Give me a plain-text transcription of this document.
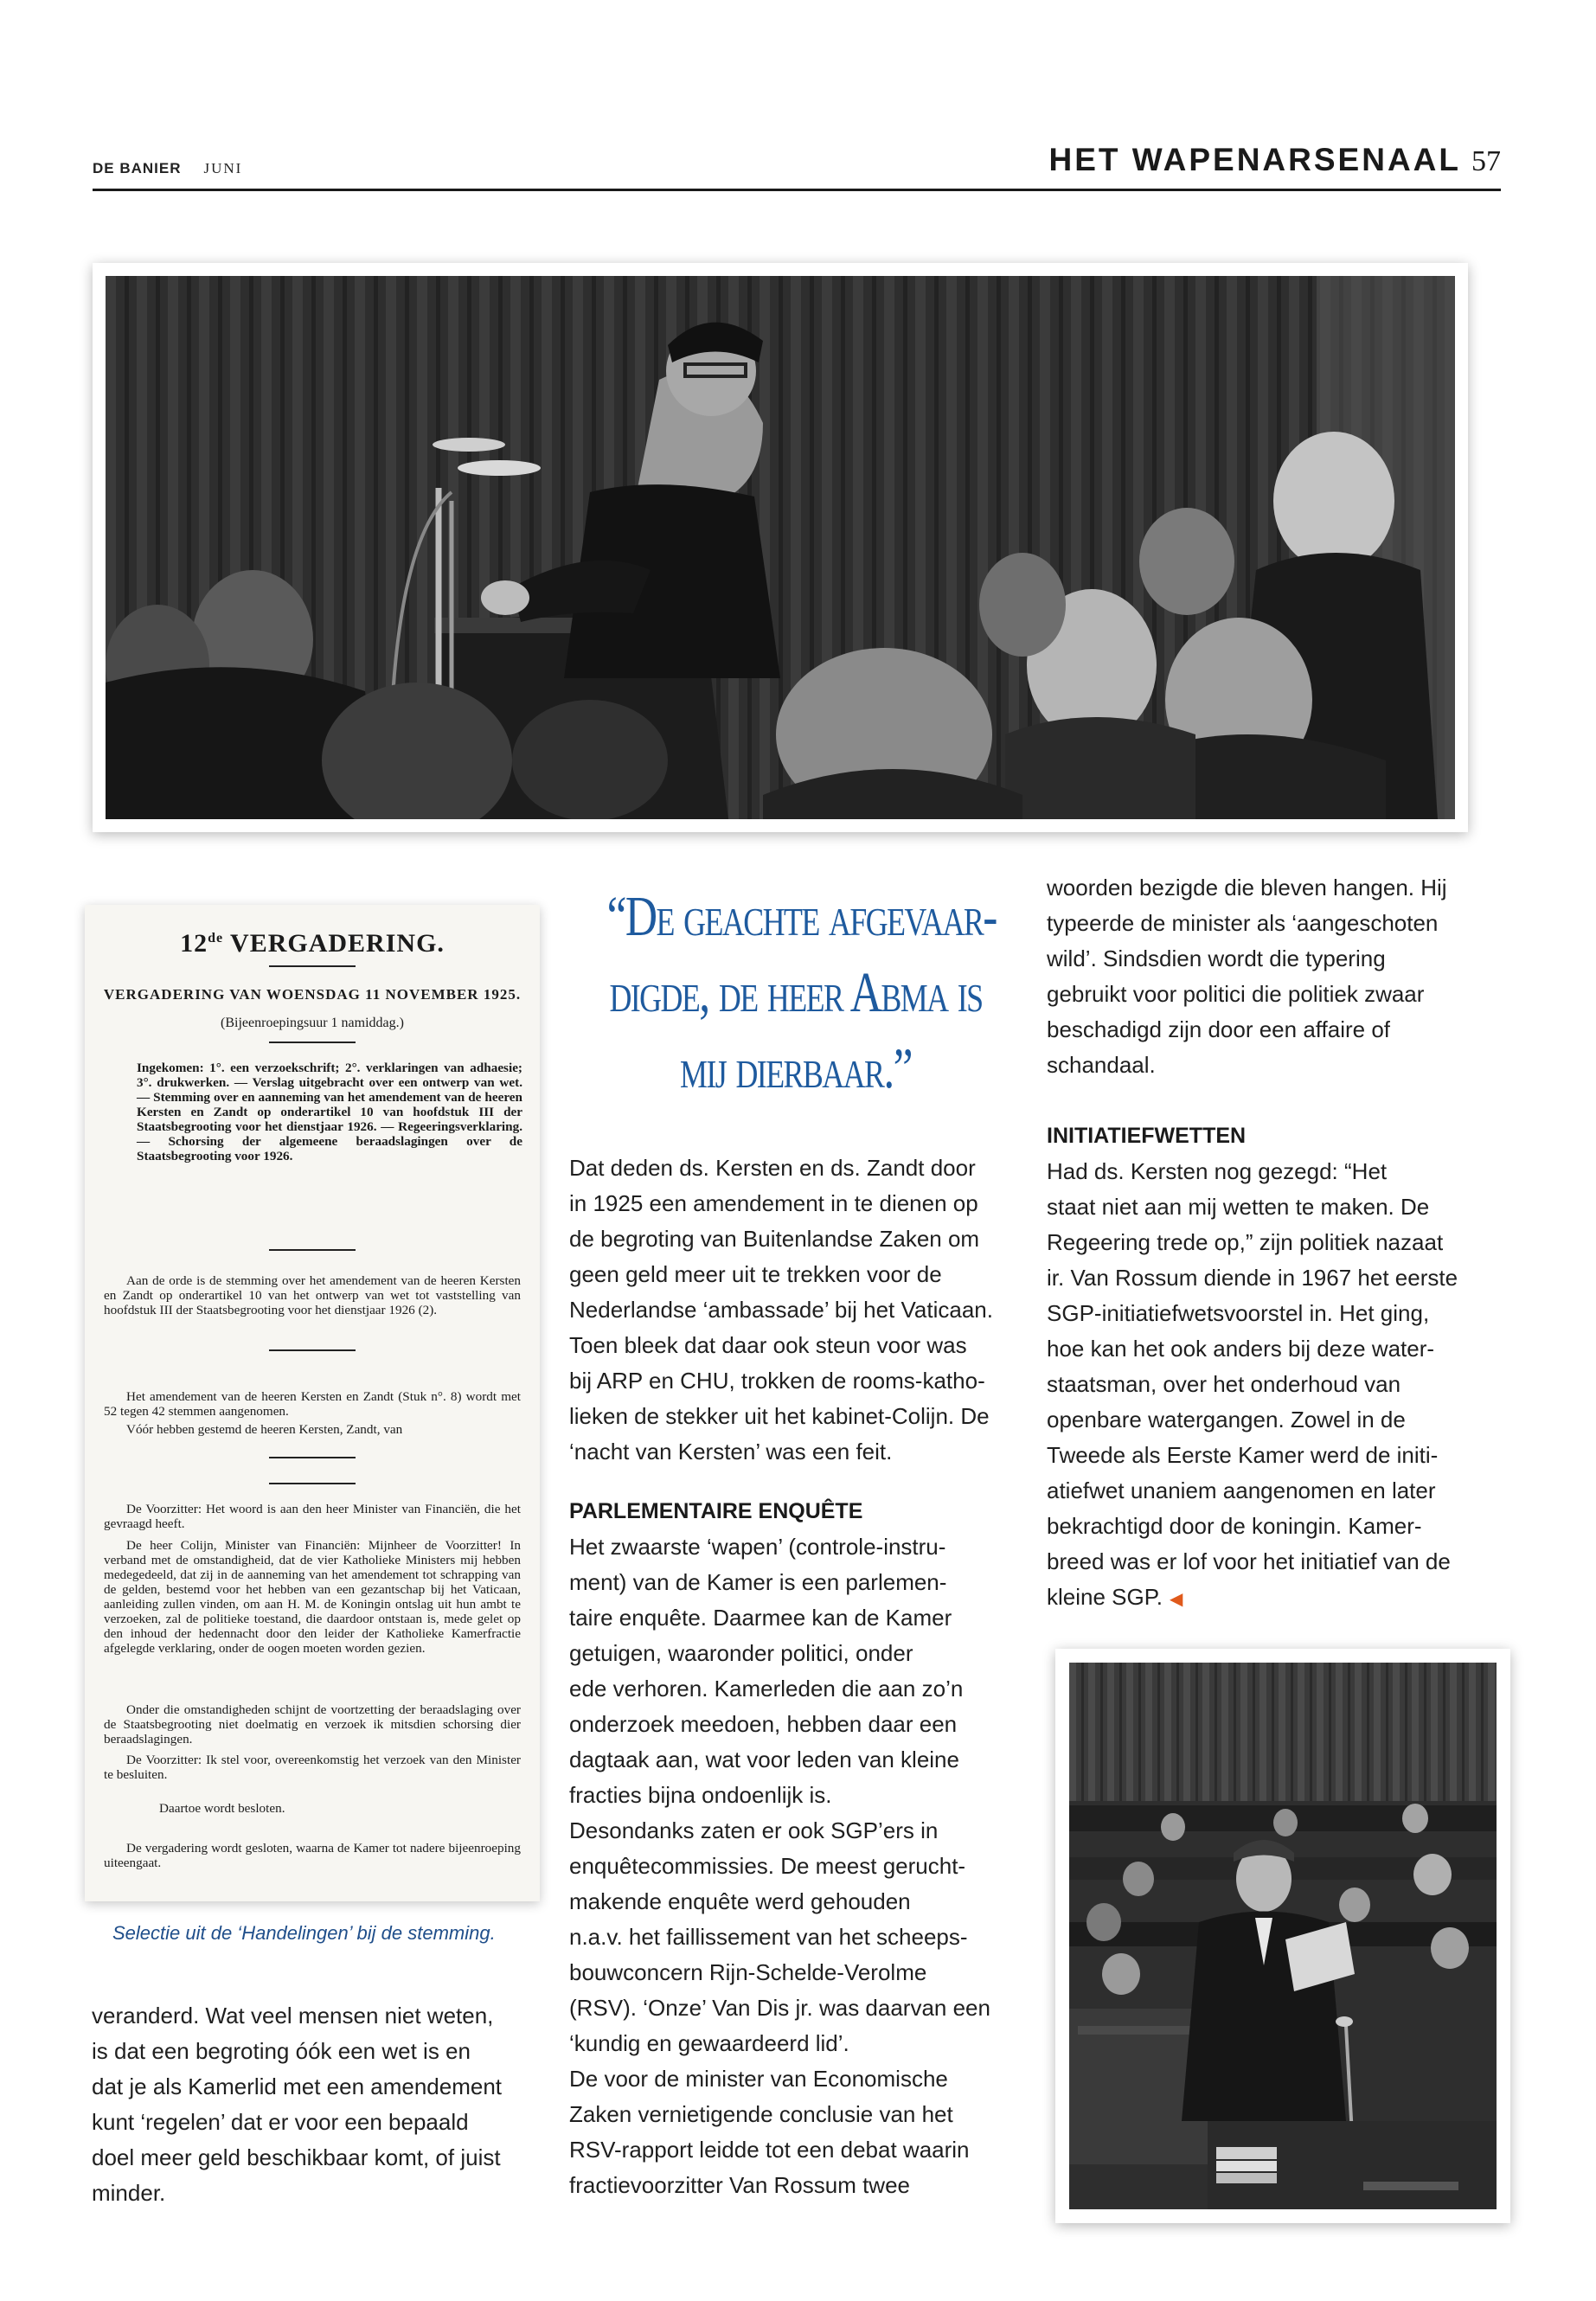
DE BANIER JUNI	HET WAPENARSENAAL 57
12de VERGADERING.
VERGADERING VAN WOENSDAG 11 NOVEMBER 1925.
(Bijeenroepingsuur 1 namiddag.)
Ingekomen: 1°. een verzoekschrift; 2°. verklaringen van adhaesie; 3°. drukwerken. — Verslag uitgebracht over een ontwerp van wet. — Stemming over en aanneming van het amendement van de heeren Kersten en Zandt op onderartikel 10 van hoofdstuk III der Staatsbegrooting voor het dienstjaar 1926. — Regeeringsverklaring. — Schorsing der algemeene beraadslagingen over de Staatsbegrooting voor 1926.
Aan de orde is de stemming over het amendement van de heeren Kersten en Zandt op onderartikel 10 van het ontwerp van wet tot vaststelling van hoofdstuk III der Staatsbegrooting voor het dienstjaar 1926 (2).
Het amendement van de heeren Kersten en Zandt (Stuk n°. 8) wordt met 52 tegen 42 stemmen aangenomen.
Vóór hebben gestemd de heeren Kersten, Zandt, van
De Voorzitter: Het woord is aan den heer Minister van Financiën, die het gevraagd heeft.
De heer Colijn, Minister van Financiën: Mijnheer de Voorzitter! In verband met de omstandigheid, dat de vier Katholieke Ministers mij hebben medegedeeld, dat zij in de aanneming van het amendement tot schrapping van de gelden, bestemd voor het hebben van een gezantschap bij het Vaticaan, aanleiding zullen vinden, om aan H. M. de Koningin ontslag uit hun ambt te verzoeken, zal de politieke toestand, die daardoor ontstaan is, mede gelet op den inhoud der hedennacht door den leider der Katholieke Kamerfractie afgelegde verklaring, onder de oogen moeten worden gezien.
Onder die omstandigheden schijnt de voortzetting der beraadslaging over de Staatsbegrooting niet doelmatig en verzoek ik mitsdien schorsing dier beraadslagingen.
De Voorzitter: Ik stel voor, overeenkomstig het verzoek van den Minister te besluiten.
Daartoe wordt besloten.
De vergadering wordt gesloten, waarna de Kamer tot nadere bijeenroeping uiteengaat.
Selectie uit de ‘Handelingen’ bij de stemming.
“De geachte afgevaar-
digde, de heer Abma is
mij dierbaar.”
veranderd. Wat veel mensen niet weten,
is dat een begroting óók een wet is en
dat je als Kamerlid met een amendement
kunt ‘regelen’ dat er voor een bepaald
doel meer geld beschikbaar komt, of juist
minder.
Dat deden ds. Kersten en ds. Zandt door
in 1925 een amendement in te dienen op
de begroting van Buitenlandse Zaken om
geen geld meer uit te trekken voor de
Nederlandse ‘ambassade’ bij het Vaticaan.
Toen bleek dat daar ook steun voor was
bij ARP en CHU, trokken de rooms-katho-
lieken de stekker uit het kabinet-Colijn. De
‘nacht van Kersten’ was een feit.
PARLEMENTAIRE ENQUÊTE
Het zwaarste ‘wapen’ (controle-instru-
ment) van de Kamer is een parlemen-
taire enquête. Daarmee kan de Kamer
getuigen, waaronder politici, onder
ede verhoren. Kamerleden die aan zo’n
onderzoek meedoen, hebben daar een
dagtaak aan, wat voor leden van kleine
fracties bijna ondoenlijk is.
Desondanks zaten er ook SGP’ers in
enquêtecommissies. De meest gerucht-
makende enquête werd gehouden
n.a.v. het faillissement van het scheeps-
bouwconcern Rijn-Schelde-Verolme
(RSV). ‘Onze’ Van Dis jr. was daarvan een
‘kundig en gewaardeerd lid’.
De voor de minister van Economische
Zaken vernietigende conclusie van het
RSV-rapport leidde tot een debat waarin
fractievoorzitter Van Rossum twee
woorden bezigde die bleven hangen. Hij
typeerde de minister als ‘aangeschoten
wild’. Sindsdien wordt die typering
gebruikt voor politici die politiek zwaar
beschadigd zijn door een affaire of
schandaal.
INITIATIEFWETTEN
Had ds. Kersten nog gezegd: “Het
staat niet aan mij wetten te maken. De
Regeering trede op,” zijn politiek nazaat
ir. Van Rossum diende in 1967 het eerste
SGP-initiatiefwetsvoorstel in. Het ging,
hoe kan het ook anders bij deze water-
staatsman, over het onderhoud van
openbare watergangen. Zowel in de
Tweede als Eerste Kamer werd de initi-
atiefwet unaniem aangenomen en later
bekrachtigd door de koningin. Kamer-
breed was er lof voor het initiatief van de
kleine SGP. ◀
